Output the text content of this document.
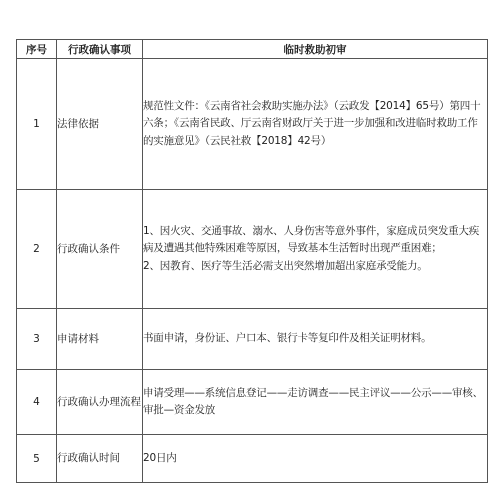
序号	行政确认事项	临时救助初审
1	法律依据	规范性文件：《云南省社会救助实施办法》（云政发【2014】65号）第四十六条；《云南省民政、厅云南省财政厅关于进一步加强和改进临时救助工作的实施意见》（云民社救【2018】42号）

2	行政确认条件	1、因火灾、交通事故、溺水、人身伤害等意外事件，家庭成员突发重大疾病及遭遇其他特殊困难等原因，导致基本生活暂时出现严重困难；
2、因教育、医疗等生活必需支出突然增加超出家庭承受能力。

3	申请材料	书面申请，身份证、户口本、银行卡等复印件及相关证明材料。

4	行政确认办理流程	申请受理——系统信息登记——走访调查——民主评议——公示——审核、审批—资金发放

5	行政确认时间	20日内
